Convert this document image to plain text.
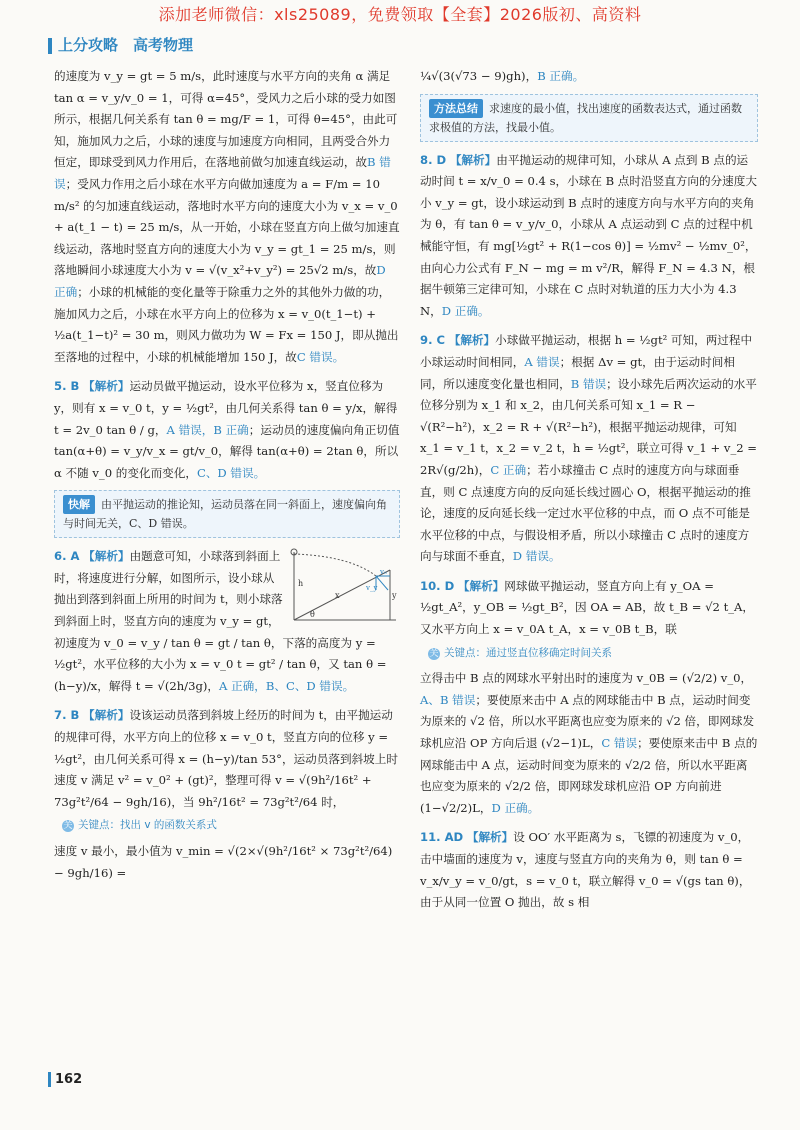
添加老师微信：xls25089，免费领取【全套】2026版初、高资料
上分攻略　高考物理

的速度为 v_y = gt = 5 m/s，此时速度与水平方向的夹角 α 满足 tan α = v_y/v_0 = 1，可得 α=45°，受风力之后小球的受力如图所示，根据几何关系有 tan θ = mg/F = 1，可得 θ=45°，由此可知，施加风力之后，小球的速度与加速度方向相同，且两受合外力恒定，即球受到风力作用后，在落地前做匀加速直线运动，故B 错误；受风力作用之后小球在水平方向做加速度为 a = F/m = 10 m/s² 的匀加速直线运动，落地时水平方向的速度大小为 v_x = v_0 + a(t_1 − t) = 25 m/s，从一开始，小球在竖直方向上做匀加速直线运动，落地时竖直方向的速度大小为 v_y = gt_1 = 25 m/s，则落地瞬间小球速度大小为 v = √(v_x²+v_y²) = 25√2 m/s，故D 正确；小球的机械能的变化量等于除重力之外的其他外力做的功，施加风力之后，小球在水平方向上的位移为 x = v_0(t_1−t) + ½a(t_1−t)² = 30 m，则风力做功为 W = Fx = 150 J，即从抛出至落地的过程中，小球的机械能增加 150 J，故C 错误。

5. B 【解析】运动员做平抛运动，设水平位移为 x，竖直位移为 y，则有 x = v_0 t，y = ½gt²，由几何关系得 tan θ = y/x，解得 t = 2v_0 tan θ / g，A 错误，B 正确；运动员的速度偏向角正切值 tan(α+θ) = v_y/v_x = gt/v_0，解得 tan(α+θ) = 2tan θ，所以 α 不随 v_0 的变化而变化，C、D 错误。

快解 由平抛运动的推论知，运动员落在同一斜面上，速度偏向角与时间无关，C、D 错误。
h
x	y
θ
v₀
v_y
6. A 【解析】由题意可知，小球落到斜面上时，将速度进行分解，如图所示，设小球从抛出到落到斜面上所用的时间为 t，则小球落到斜面上时，竖直方向的速度为 v_y = gt，初速度为 v_0 = v_y / tan θ = gt / tan θ，下落的高度为 y = ½gt²，水平位移的大小为 x = v_0 t = gt² / tan θ，又 tan θ = (h−y)/x，解得 t = √(2h/3g)，A 正确，B、C、D 错误。

7. B 【解析】设该运动员落到斜坡上经历的时间为 t，由平抛运动的规律可得，水平方向上的位移 x = v_0 t，竖直方向的位移 y = ½gt²，由几何关系可得 x = (h−y)/tan 53°，运动员落到斜坡上时速度 v 满足 v² = v_0² + (gt)²，整理可得 v = √(9h²/16t² + 73g²t²/64 − 9gh/16)，当 9h²/16t² = 73g²t²/64 时，

关 关键点：找出 v 的函数关系式

速度 v 最小，最小值为 v_min = √(2×√(9h²/16t² × 73g²t²/64) − 9gh/16) =

¼√(3(√73 − 9)gh)，B 正确。

方法总结 求速度的最小值，找出速度的函数表达式，通过函数求极值的方法，找最小值。

8. D 【解析】由平抛运动的规律可知，小球从 A 点到 B 点的运动时间 t = x/v_0 = 0.4 s，小球在 B 点时沿竖直方向的分速度大小 v_y = gt，设小球运动到 B 点时的速度方向与水平方向的夹角为 θ，有 tan θ = v_y/v_0，小球从 A 点运动到 C 点的过程中机械能守恒，有 mg[½gt² + R(1−cos θ)] = ½mv² − ½mv_0²，由向心力公式有 F_N − mg = m v²/R，解得 F_N = 4.3 N，根据牛顿第三定律可知，小球在 C 点时对轨道的压力大小为 4.3 N，D 正确。

9. C 【解析】小球做平抛运动，根据 h = ½gt² 可知，两过程中小球运动时间相同，A 错误；根据 Δv = gt，由于运动时间相同，所以速度变化量也相同，B 错误；设小球先后两次运动的水平位移分别为 x_1 和 x_2，由几何关系可知 x_1 = R − √(R²−h²)，x_2 = R + √(R²−h²)，根据平抛运动规律，可知 x_1 = v_1 t，x_2 = v_2 t，h = ½gt²，联立可得 v_1 + v_2 = 2R√(g/2h)，C 正确；若小球撞击 C 点时的速度方向与球面垂直，则 C 点速度方向的反向延长线过圆心 O，根据平抛运动的推论，速度的反向延长线一定过水平位移的中点，而 O 点不可能是水平位移的中点，与假设相矛盾，所以小球撞击 C 点时的速度方向与球面不垂直，D 错误。

10. D 【解析】网球做平抛运动，竖直方向上有 y_OA = ½gt_A²，y_OB = ½gt_B²，因 OA = AB，故 t_B = √2 t_A，又水平方向上 x = v_0A t_A，x = v_0B t_B，联

关 关键点：通过竖直位移确定时间关系

立得击中 B 点的网球水平射出时的速度为 v_0B = (√2/2) v_0，A、B 错误；要使原来击中 A 点的网球能击中 B 点，运动时间变为原来的 √2 倍，所以水平距离也应变为原来的 √2 倍，即网球发球机应沿 OP 方向后退 (√2−1)L，C 错误；要使原来击中 B 点的网球能击中 A 点，运动时间变为原来的 √2/2 倍，所以水平距离也应变为原来的 √2/2 倍，即网球发球机应沿 OP 方向前进 (1−√2/2)L，D 正确。

11. AD 【解析】设 OO′ 水平距离为 s，飞镖的初速度为 v_0，击中墙面的速度为 v，速度与竖直方向的夹角为 θ，则 tan θ = v_x/v_y = v_0/gt，s = v_0 t，联立解得 v_0 = √(gs tan θ)，由于从同一位置 O 抛出，故 s 相

162
